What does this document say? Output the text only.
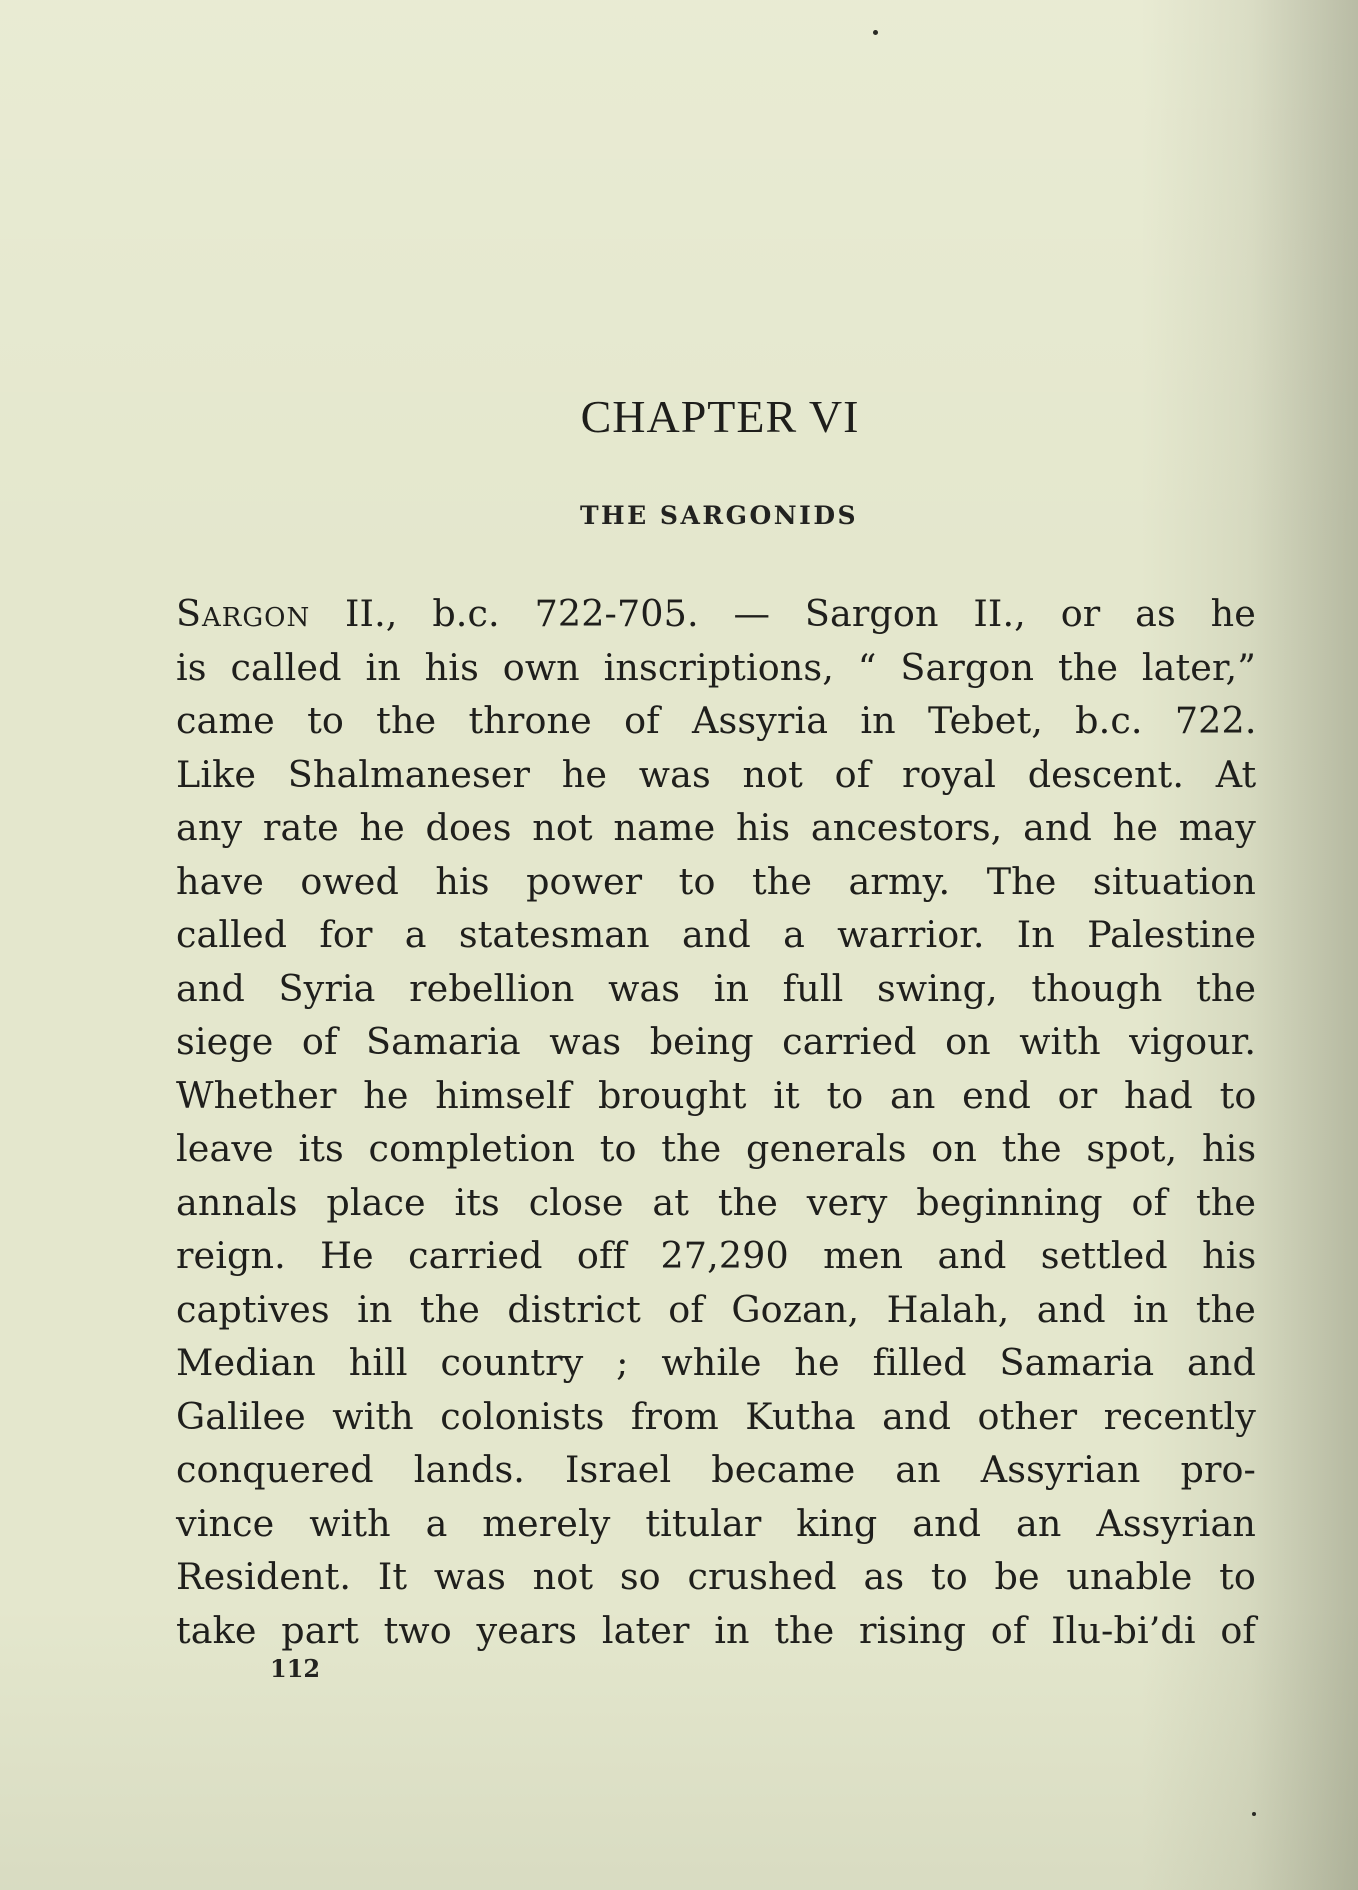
CHAPTER VI
THE SARGONIDS
Sargon II., b.c. 722-705. — Sargon II., or as he
is called in his own inscriptions, “ Sargon the later,”
came to the throne of Assyria in Tebet, b.c. 722.
Like Shalmaneser he was not of royal descent. At
any rate he does not name his ancestors, and he may
have owed his power to the army. The situation
called for a statesman and a warrior. In Palestine
and Syria rebellion was in full swing, though the
siege of Samaria was being carried on with vigour.
Whether he himself brought it to an end or had to
leave its completion to the generals on the spot, his
annals place its close at the very beginning of the
reign. He carried off 27,290 men and settled his
captives in the district of Gozan, Halah, and in the
Median hill country ; while he filled Samaria and
Galilee with colonists from Kutha and other recently
conquered lands. Israel became an Assyrian pro-
vince with a merely titular king and an Assyrian
Resident. It was not so crushed as to be unable to
take part two years later in the rising of Ilu-bi’di of
112
